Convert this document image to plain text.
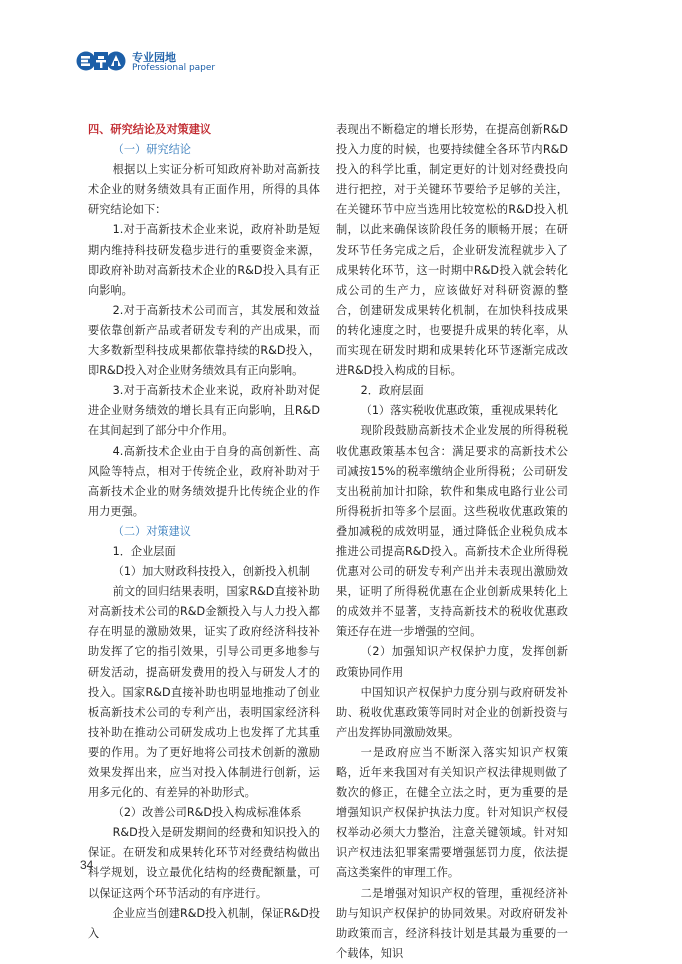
专业园地
Professional paper

四、研究结论及对策建议

（一）研究结论

根据以上实证分析可知政府补助对高新技术企业的财务绩效具有正面作用，所得的具体研究结论如下：

1.对于高新技术企业来说，政府补助是短期内维持科技研发稳步进行的重要资金来源，即政府补助对高新技术企业的R&D投入具有正向影响。

2.对于高新技术公司而言，其发展和效益要依靠创新产品或者研发专利的产出成果，而大多数新型科技成果都依靠持续的R&D投入，即R&D投入对企业财务绩效具有正向影响。

3.对于高新技术企业来说，政府补助对促进企业财务绩效的增长具有正向影响，且R&D在其间起到了部分中介作用。

4.高新技术企业由于自身的高创新性、高风险等特点，相对于传统企业，政府补助对于高新技术企业的财务绩效提升比传统企业的作用力更强。

（二）对策建议

1．企业层面

（1）加大财政科技投入，创新投入机制

前文的回归结果表明，国家R&D直接补助对高新技术公司的R&D金额投入与人力投入都存在明显的激励效果，证实了政府经济科技补助发挥了它的指引效果，引导公司更多地参与研发活动，提高研发费用的投入与研发人才的投入。国家R&D直接补助也明显地推动了创业板高新技术公司的专利产出，表明国家经济科技补助在推动公司研发成功上也发挥了尤其重要的作用。为了更好地将公司技术创新的激励效果发挥出来，应当对投入体制进行创新，运用多元化的、有差异的补助形式。

（2）改善公司R&D投入构成标准体系

R&D投入是研发期间的经费和知识投入的保证。在研发和成果转化环节对经费结构做出科学规划，设立最优化结构的经费配额量，可以保证这两个环节活动的有序进行。

企业应当创建R&D投入机制，保证R&D投入

表现出不断稳定的增长形势，在提高创新R&D投入力度的时候，也要持续健全各环节内R&D投入的科学比重，制定更好的计划对经费投向进行把控，对于关键环节要给予足够的关注，在关键环节中应当选用比较宽松的R&D投入机制，以此来确保该阶段任务的顺畅开展；在研发环节任务完成之后，企业研发流程就步入了成果转化环节，这一时期中R&D投入就会转化成公司的生产力，应该做好对科研资源的整合，创建研发成果转化机制，在加快科技成果的转化速度之时，也要提升成果的转化率，从而实现在研发时期和成果转化环节逐渐完成改进R&D投入构成的目标。

2．政府层面

（1）落实税收优惠政策，重视成果转化

现阶段鼓励高新技术企业发展的所得税税收优惠政策基本包含：满足要求的高新技术公司减按15%的税率缴纳企业所得税；公司研发支出税前加计扣除，软件和集成电路行业公司所得税折扣等多个层面。这些税收优惠政策的叠加减税的成效明显，通过降低企业税负成本推进公司提高R&D投入。高新技术企业所得税优惠对公司的研发专利产出并未表现出激励效果，证明了所得税优惠在企业创新成果转化上的成效并不显著，支持高新技术的税收优惠政策还存在进一步增强的空间。

（2）加强知识产权保护力度，发挥创新政策协同作用

中国知识产权保护力度分别与政府研发补助、税收优惠政策等同时对企业的创新投资与产出发挥协同激励效果。

一是政府应当不断深入落实知识产权策略，近年来我国对有关知识产权法律规则做了数次的修正，在健全立法之时，更为重要的是增强知识产权保护执法力度。针对知识产权侵权举动必须大力整治，注意关键领域。针对知识产权违法犯罪案需要增强惩罚力度，依法提高这类案件的审理工作。

二是增强对知识产权的管理，重视经济补助与知识产权保护的协同效果。对政府研发补助政策而言，经济科技计划是其最为重要的一个载体，知识

34
